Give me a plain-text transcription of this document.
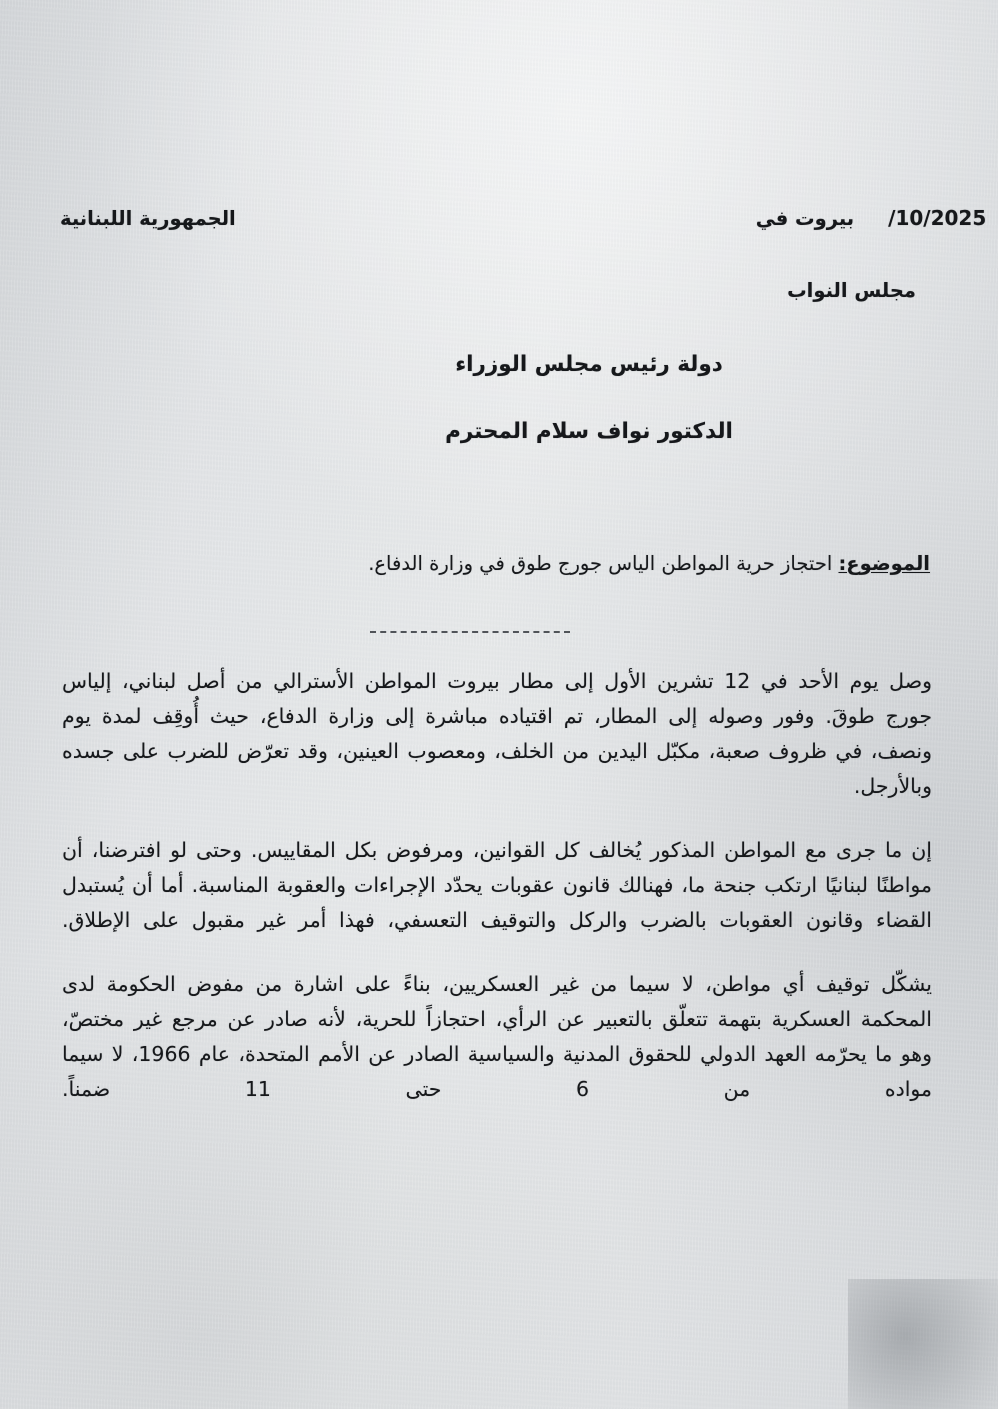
الجمهورية اللبنانية	بيروت في /10/2025
مجلس النواب
دولة رئيس مجلس الوزراء
الدكتور نواف سلام المحترم
الموضوع: احتجاز حرية المواطن الياس جورج طوق في وزارة الدفاع.

وصل يوم الأحد في 12 تشرين الأول إلى مطار بيروت المواطن الأسترالي من أصل لبناني، إلياس جورج طوقَ. وفور وصوله إلى المطار، تم اقتياده مباشرة إلى وزارة الدفاع، حيث أُوقِف لمدة يوم ونصف، في ظروف صعبة، مكبّل اليدين من الخلف، ومعصوب العينين، وقد تعرّض للضرب على جسده وبالأرجل.

إن ما جرى مع المواطن المذكور يُخالف كل القوانين، ومرفوض بكل المقاييس. وحتى لو افترضنا، أن مواطنًا لبنانيًا ارتكب جنحة ما، فهنالك قانون عقوبات يحدّد الإجراءات والعقوبة المناسبة. أما أن يُستبدل القضاء وقانون العقوبات بالضرب والركل والتوقيف التعسفي، فهذا أمر غير مقبول على الإطلاق.

يشكّل توقيف أي مواطن، لا سيما من غير العسكريين، بناءً على اشارة من مفوض الحكومة لدى المحكمة العسكرية بتهمة تتعلّق بالتعبير عن الرأي، احتجازاً للحرية، لأنه صادر عن مرجع غير مختصّ، وهو ما يحرّمه العهد الدولي للحقوق المدنية والسياسية الصادر عن الأمم المتحدة، عام 1966، لا سيما مواده من 6 حتى 11 ضمناً.
